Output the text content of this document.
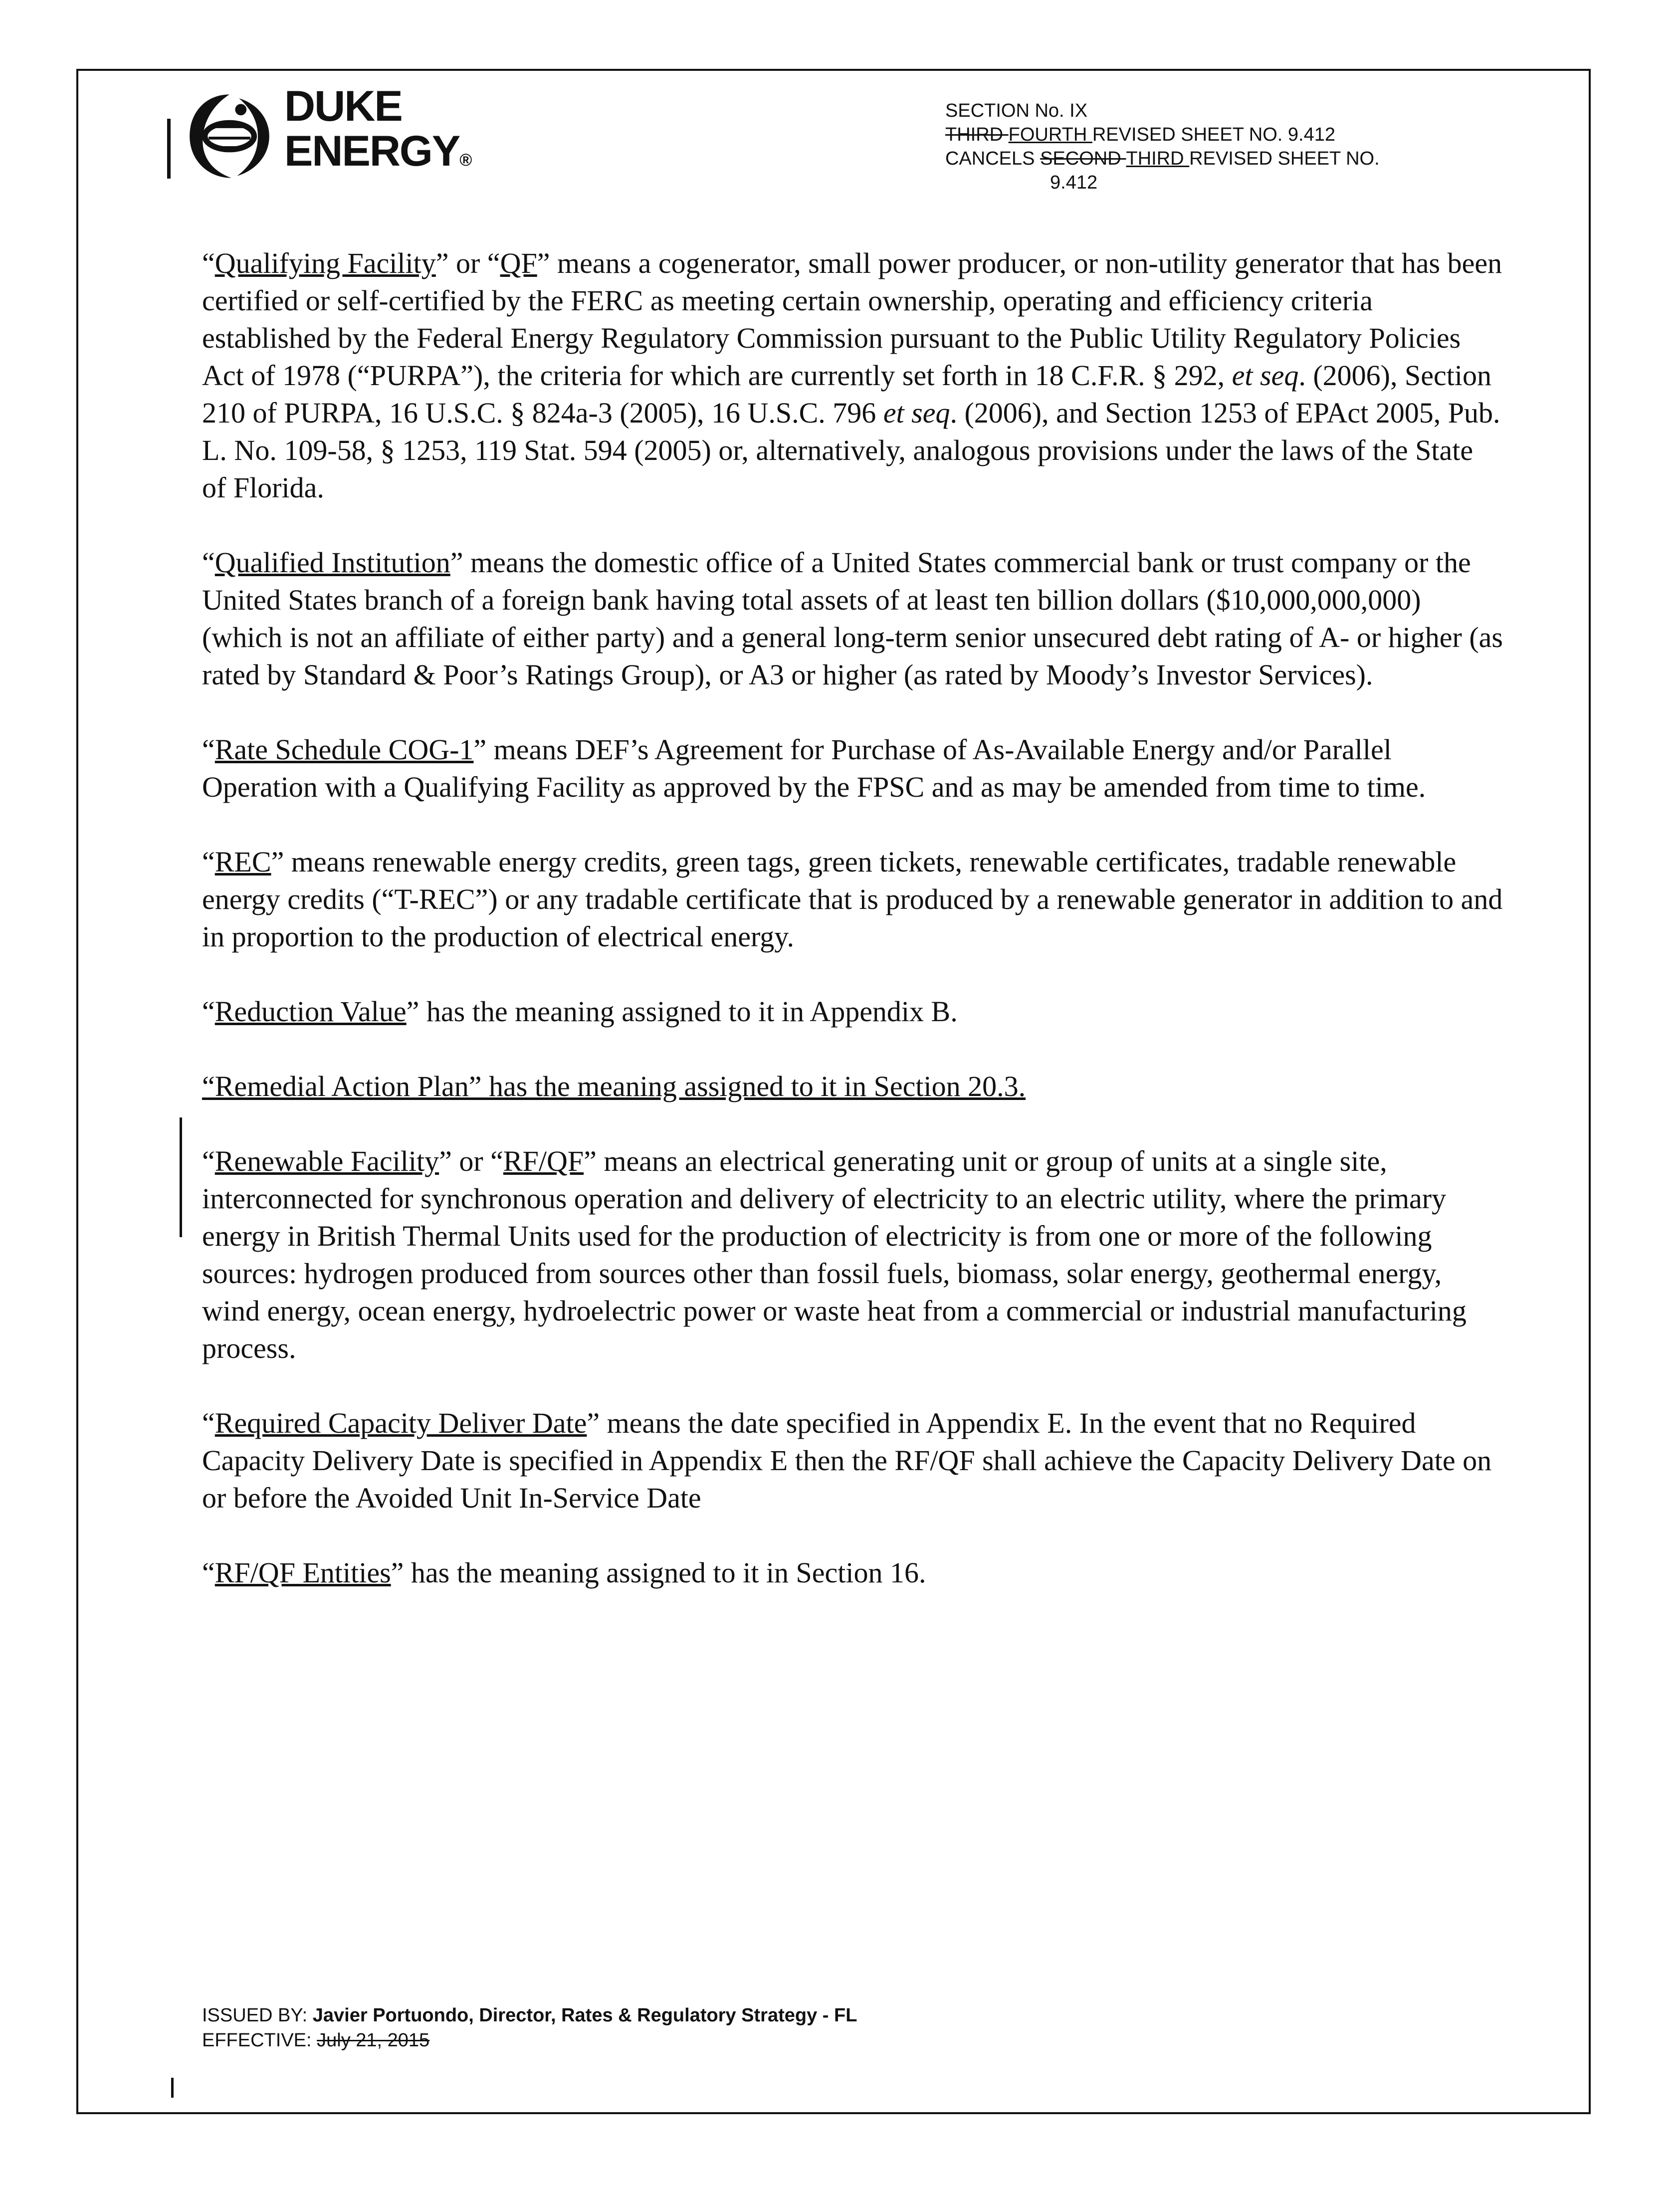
DUKE
ENERGY®
SECTION No. IX
THIRD FOURTH REVISED SHEET NO. 9.412
CANCELS SECOND THIRD REVISED SHEET NO.
9.412

“Qualifying Facility” or “QF” means a cogenerator, small power producer, or non-utility generator that has been certified or self-certified by the FERC as meeting certain ownership, operating and efficiency criteria established by the Federal Energy Regulatory Commission pursuant to the Public Utility Regulatory Policies Act of 1978 (“PURPA”), the criteria for which are currently set forth in 18 C.F.R. § 292, et seq. (2006), Section 210 of PURPA, 16 U.S.C. § 824a-3 (2005), 16 U.S.C. 796 et seq. (2006), and Section 1253 of EPAct 2005, Pub. L. No. 109-58, § 1253, 119 Stat. 594 (2005) or, alternatively, analogous provisions under the laws of the State of Florida.

“Qualified Institution” means the domestic office of a United States commercial bank or trust company or the United States branch of a foreign bank having total assets of at least ten billion dollars ($10,000,000,000) (which is not an affiliate of either party) and a general long-term senior unsecured debt rating of A- or higher (as rated by Standard & Poor’s Ratings Group), or A3 or higher (as rated by Moody’s Investor Services).

“Rate Schedule COG-1” means DEF’s Agreement for Purchase of As-Available Energy and/or Parallel Operation with a Qualifying Facility as approved by the FPSC and as may be amended from time to time.

“REC” means renewable energy credits, green tags, green tickets, renewable certificates, tradable renewable energy credits (“T-REC”) or any tradable certificate that is produced by a renewable generator in addition to and in proportion to the production of electrical energy.

“Reduction Value” has the meaning assigned to it in Appendix B.

“Remedial Action Plan” has the meaning assigned to it in Section 20.3.

“Renewable Facility” or “RF/QF” means an electrical generating unit or group of units at a single site, interconnected for synchronous operation and delivery of electricity to an electric utility, where the primary energy in British Thermal Units used for the production of electricity is from one or more of the following sources: hydrogen produced from sources other than fossil fuels, biomass, solar energy, geothermal energy, wind energy, ocean energy, hydroelectric power or waste heat from a commercial or industrial manufacturing process.

“Required Capacity Deliver Date” means the date specified in Appendix E. In the event that no Required Capacity Delivery Date is specified in Appendix E then the RF/QF shall achieve the Capacity Delivery Date on or before the Avoided Unit In-Service Date

“RF/QF Entities” has the meaning assigned to it in Section 16.

ISSUED BY: Javier Portuondo, Director, Rates & Regulatory Strategy - FL
EFFECTIVE: July 21, 2015
